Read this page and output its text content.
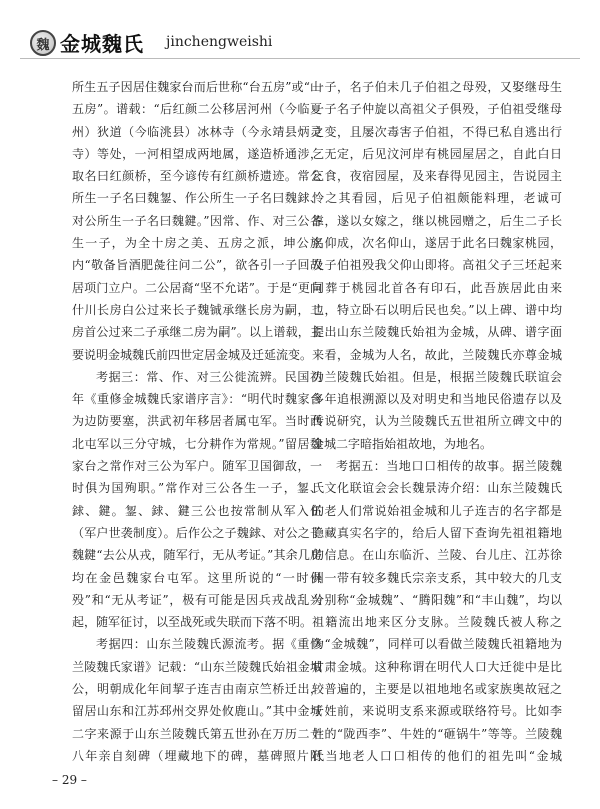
魏 金城魏氏 jinchengweishi

所生五子因居住魏家台而后世称“台五房”或“山五房”。谱载：“后红颜二公移居河州（今临夏州）狄道（今临洮县）冰林寺（今永靖县炳灵寺）等处，一河相望成两地属，遂造桥通涉，取名曰红颜桥，至今谚传有红颜桥遗迹。常公所生一子名曰魏銞、作公所生一子名曰魏銶、对公所生一子名曰魏鍵。”因常、作、对三公各生一子，为全十房之美、五房之派，坤公族内“敬备旨酒肥彘往问二公”，欲各引一子回故居项门立户。二公居裔“坚不允诺”。于是“更向什川长房白公过来长子魏铖承继长房为嗣，二房首公过来二子承继二房为嗣”。以上谱载，主要说明金城魏氏前四世定居金城及迁延流变。

考据三：常、作、对三公徙流辨。民国初年《重修金城魏氏家谱序言》：“明代时魏家台为边防要塞，洪武初年移居者属屯军。当时西北屯军以三分守城，七分耕作为常规。”留居魏家台之常作对三公为军户。随军卫国御敌，一时俱为国殉职。”常作对三公各生一子，銞、銶、鍵。銞、銶、鍵三公也按常制从军入伍（军户世袭制度）。后作公之子魏銶、对公之子魏鍵“去公从戎，随军行，无从考证。”其余几房均在金邑魏家台屯军。这里所说的“一时俱殁”和“无从考证”，极有可能是因兵戎战乱兴起，随军征讨，以至战死或失联而下落不明。

考据四：山东兰陵魏氏源流考。据《重修兰陵魏氏家谱》记载：“山东兰陵魏氏始祖金城公，明朝成化年间挈子连吉由南京竺桥迁出，留居山东和江苏邳州交界处攸鹿山。”其中金城二字来源于山东兰陵魏氏第五世孙在万历二十八年亲自刻碑（埋藏地下的碑，墓碑照片附

一子，名子伯未几子伯祖之母殁，又娶继母生一子名子仲旋以高祖父子俱殁，子伯祖受继母之变，且屡次毒害子伯祖，不得已私自逃出行乞无定，后见汶河岸有桃园屋居之，自此白日乞食，夜宿园屋，及来春得见园主，告说园主怜之其看园，后见子伯祖颇能料理，老诚可靠，遂以女嫁之，继以桃园赠之，后生二子长名仰成，次名仰山，遂居于此名曰魏家桃园，及子伯祖殁我父仰山即将。高祖父子三坯起来同葬于桃园北首各有印石，此吾族居此由来也，特立卧石以明后民也矣。”以上碑、谱中均提出山东兰陵魏氏始祖为金城，从碑、谱字面来看，金城为人名，故此，兰陵魏氏亦尊金城为兰陵魏氏始祖。但是，根据兰陵魏氏联谊会多年追根溯源以及对明史和当地民俗遗存以及传说研究，认为兰陵魏氏五世祖所立碑文中的金城二字暗指始祖故地，为地名。

考据五：当地口口相传的故事。据兰陵魏氏文化联谊会会长魏景涛介绍：山东兰陵魏氏的老人们常说始祖金城和儿子连吉的名字都是隐藏真实名字的，给后人留下查询先祖祖籍地的信息。在山东临沂、兰陵、台儿庄、江苏徐州一带有较多魏氏宗亲支系，其中较大的几支分别称“金城魏”、“腾阳魏”和“丰山魏”，均以祖籍流出地来区分支脉。兰陵魏氏被人称之为“金城魏”，同样可以看做兰陵魏氏祖籍地为甘肃金城。这种称谓在明代人口大迁徙中是比较普遍的，主要是以祖地地名或家族奥故冠之于姓前，来说明支系来源或联络符号。比如李姓的“陇西李”、牛姓的“砸锅牛”等等。兰陵魏氏当地老人口口相传的他们的祖先叫“金城

– 29 –
